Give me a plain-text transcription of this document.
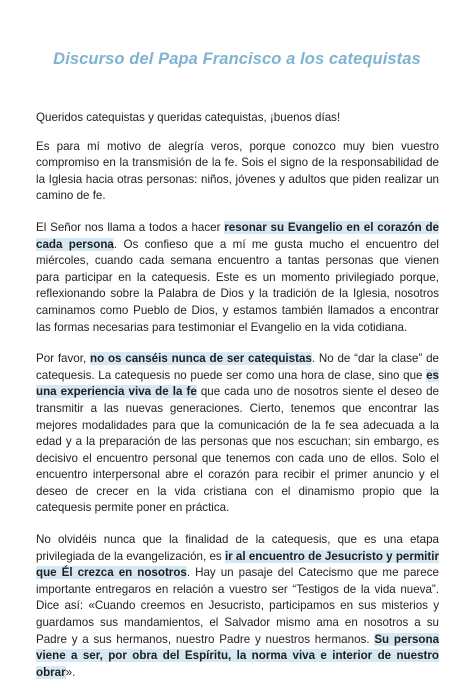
Discurso del Papa Francisco a los catequistas

Queridos catequistas y queridas catequistas, ¡buenos días!

Es para mí motivo de alegría veros, porque conozco muy bien vuestro compromiso en la transmisión de la fe. Sois el signo de la responsabilidad de la Iglesia hacia otras personas: niños, jóvenes y adultos que piden realizar un camino de fe.

El Señor nos llama a todos a hacer resonar su Evangelio en el corazón de cada persona. Os confieso que a mí me gusta mucho el encuentro del miércoles, cuando cada semana encuentro a tantas personas que vienen para participar en la catequesis. Este es un momento privilegiado porque, reflexionando sobre la Palabra de Dios y la tradición de la Iglesia, nosotros caminamos como Pueblo de Dios, y estamos también llamados a encontrar las formas necesarias para testimoniar el Evangelio en la vida cotidiana.

Por favor, no os canséis nunca de ser catequistas. No de “dar la clase” de catequesis. La catequesis no puede ser como una hora de clase, sino que es una experiencia viva de la fe que cada uno de nosotros siente el deseo de transmitir a las nuevas generaciones. Cierto, tenemos que encontrar las mejores modalidades para que la comunicación de la fe sea adecuada a la edad y a la preparación de las personas que nos escuchan; sin embargo, es decisivo el encuentro personal que tenemos con cada uno de ellos. Solo el encuentro interpersonal abre el corazón para recibir el primer anuncio y el deseo de crecer en la vida cristiana con el dinamismo propio que la catequesis permite poner en práctica.

No olvidéis nunca que la finalidad de la catequesis, que es una etapa privilegiada de la evangelización, es ir al encuentro de Jesucristo y permitir que Él crezca en nosotros. Hay un pasaje del Catecismo que me parece importante entregaros en relación a vuestro ser “Testigos de la vida nueva”. Dice así: «Cuando creemos en Jesucristo, participamos en sus misterios y guardamos sus mandamientos, el Salvador mismo ama en nosotros a su Padre y a sus hermanos, nuestro Padre y nuestros hermanos. Su persona viene a ser, por obra del Espíritu, la norma viva e interior de nuestro obrar».
